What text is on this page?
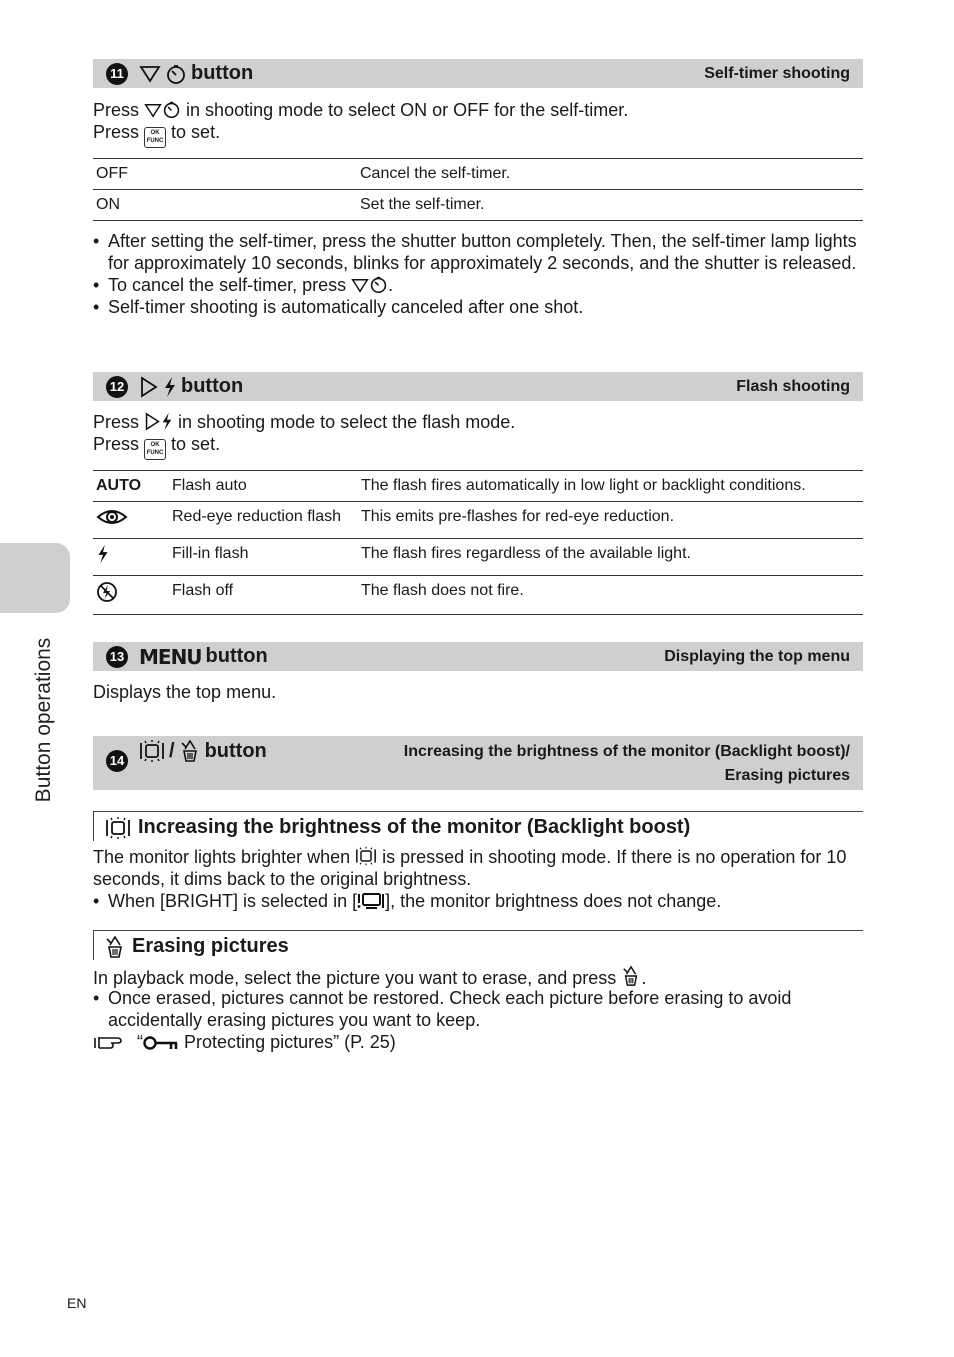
Button operations
11	button	Self-timer shooting
Press	in shooting mode to select ON or OFF for the self-timer.
Press OK
FUNC to set.
OFF	Cancel the self-timer.
ON	Set the self-timer.
• After setting the self-timer, press the shutter button completely. Then, the self-timer lamp lights for approximately 10 seconds, blinks for approximately 2 seconds, and the shutter is released.
• To cancel the self-timer, press .
• Self-timer shooting is automatically canceled after one shot.
12	button	Flash shooting
Press in shooting mode to select the flash mode.
Press OK
FUNC to set.
AUTO	Flash auto	The flash fires automatically in low light or backlight conditions.
	Red-eye reduction flash	This emits pre-flashes for red-eye reduction.
	Fill-in flash	The flash fires regardless of the available light.
	Flash off	The flash does not fire.
13 MENU button	Displaying the top menu
Displays the top menu.
14 / button	Increasing the brightness of the monitor (Backlight boost)/
Erasing pictures
Increasing the brightness of the monitor (Backlight boost)
The monitor lights brighter when is pressed in shooting mode. If there is no operation for 10 seconds, it dims back to the original brightness.
• When [BRIGHT] is selected in [ ], the monitor brightness does not change.
Erasing pictures
In playback mode, select the picture you want to erase, and press .
• Once erased, pictures cannot be restored. Check each picture before erasing to avoid accidentally erasing pictures you want to keep.
“ Protecting pictures” (P. 25)
EN
